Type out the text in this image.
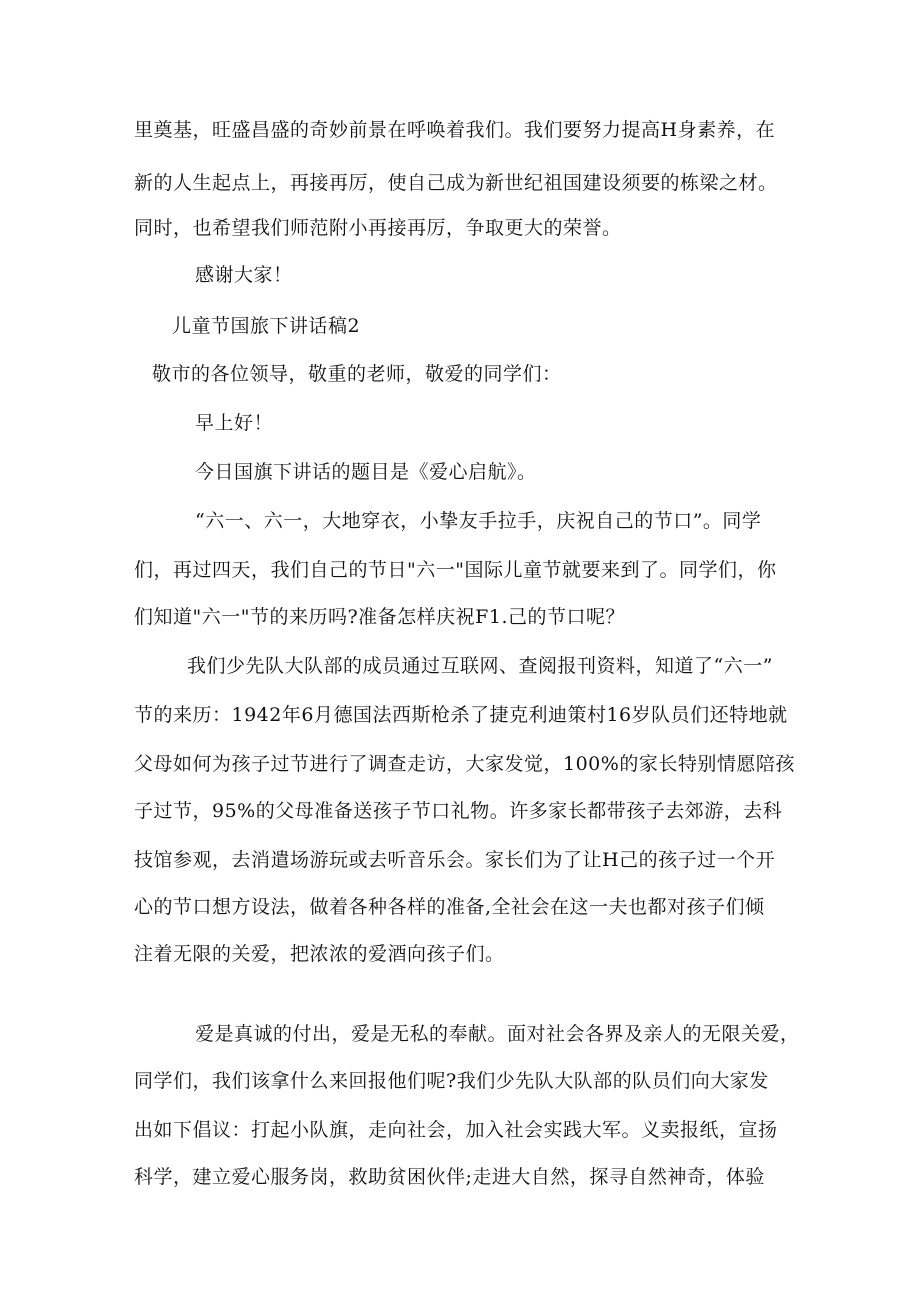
里奠基，旺盛昌盛的奇妙前景在呼唤着我们。我们要努力提高H身素养，在
新的人生起点上，再接再厉，使自己成为新世纪祖国建设须要的栋梁之材。
同时，也希望我们师范附小再接再厉，争取更大的荣誉。
感谢大家！
儿童节国旅下讲话稿2
敬市的各位领导，敬重的老师，敬爱的同学们：
早上好！
今日国旗下讲话的题目是《爱心启航》。
“六一、六一，大地穿衣，小挚友手拉手，庆祝自己的节口”。同学
们，再过四天，我们自己的节日"六一"国际儿童节就要来到了。同学们，你
们知道"六一"节的来历吗?准备怎样庆祝F1.己的节口呢？
我们少先队大队部的成员通过互联网、查阅报刊资料，知道了“六一”
节的来历：1942年6月德国法西斯枪杀了捷克利迪策村16岁队员们还特地就
父母如何为孩子过节进行了调查走访，大家发觉，100%的家长特别情愿陪孩
子过节，95%的父母准备送孩子节口礼物。许多家长都带孩子去郊游，去科
技馆参观，去消遣场游玩或去听音乐会。家长们为了让H己的孩子过一个开
心的节口想方设法，做着各种各样的准备,全社会在这一夫也都对孩子们倾
注着无限的关爱，把浓浓的爱酒向孩子们。
爱是真诚的付出，爱是无私的奉献。面对社会各界及亲人的无限关爱，
同学们，我们该拿什么来回报他们呢?我们少先队大队部的队员们向大家发
出如下倡议：打起小队旗，走向社会，加入社会实践大军。义卖报纸，宣扬
科学，建立爱心服务岗，救助贫困伙伴;走进大自然，探寻自然神奇，体验
